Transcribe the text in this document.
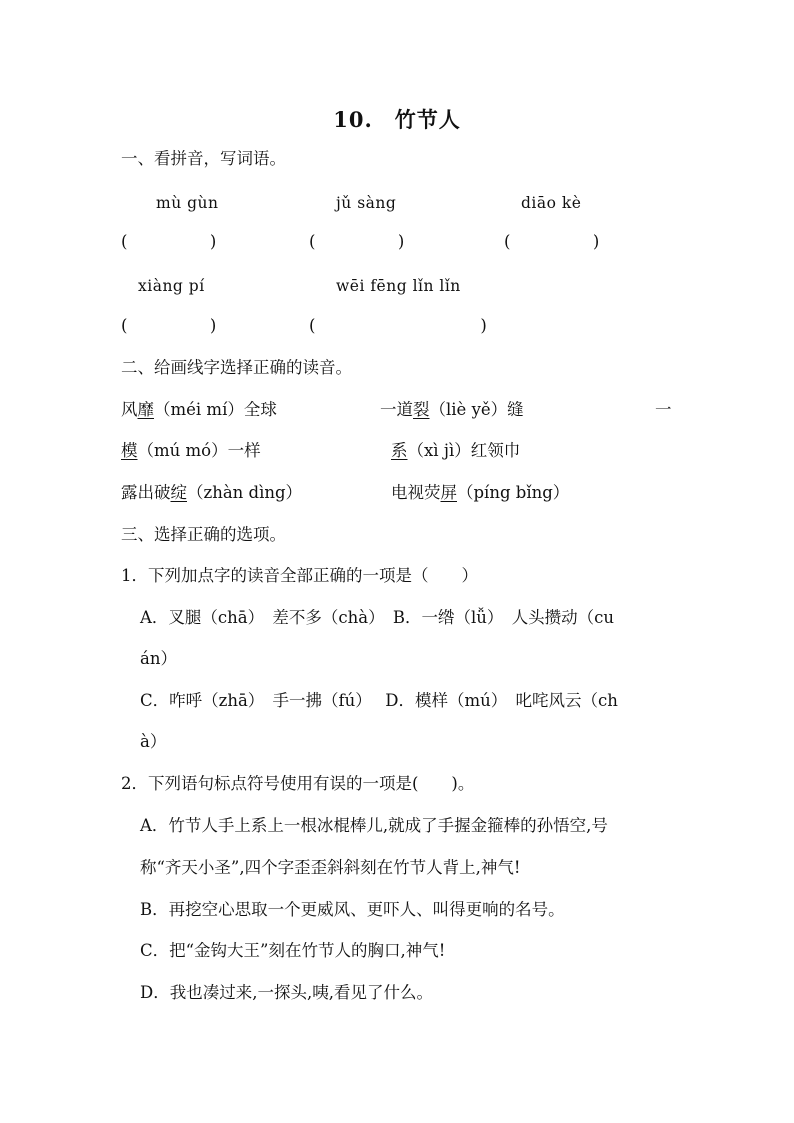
10.　竹节人
一、看拼音，写词语。
mù gùn	jǔ sàng	diāo kè
(　　　　　)	(　　　　　)	(　　　　　)
xiàng pí	wēi fēng lǐn lǐn
(　　　　　)	(　　　　　　　　　　)
二、给画线字选择正确的读音。
风靡（méi mí）全球	一道裂（liè yě）缝	一
模（mú mó）一样	系（xì jì）红领巾
露出破绽（zhàn dìng）	电视荧屏（píng bǐng）
三、选择正确的选项。
1．下列加点字的读音全部正确的一项是（　　）
A．叉腿（chā）　差不多（chà）　B．一绺（lǚ）　人头攒动（cu
án）
C．咋呼（zhā）　手一拂（fú）　 D．模样（mú）　叱咤风云（ch
à）
2．下列语句标点符号使用有误的一项是(　　)。
A．竹节人手上系上一根冰棍棒儿,就成了手握金箍棒的孙悟空,号
称“齐天小圣”,四个字歪歪斜斜刻在竹节人背上,神气!
B．再挖空心思取一个更威风、更吓人、叫得更响的名号。
C．把“金钩大王”刻在竹节人的胸口,神气!
D．我也凑过来,一探头,咦,看见了什么。
